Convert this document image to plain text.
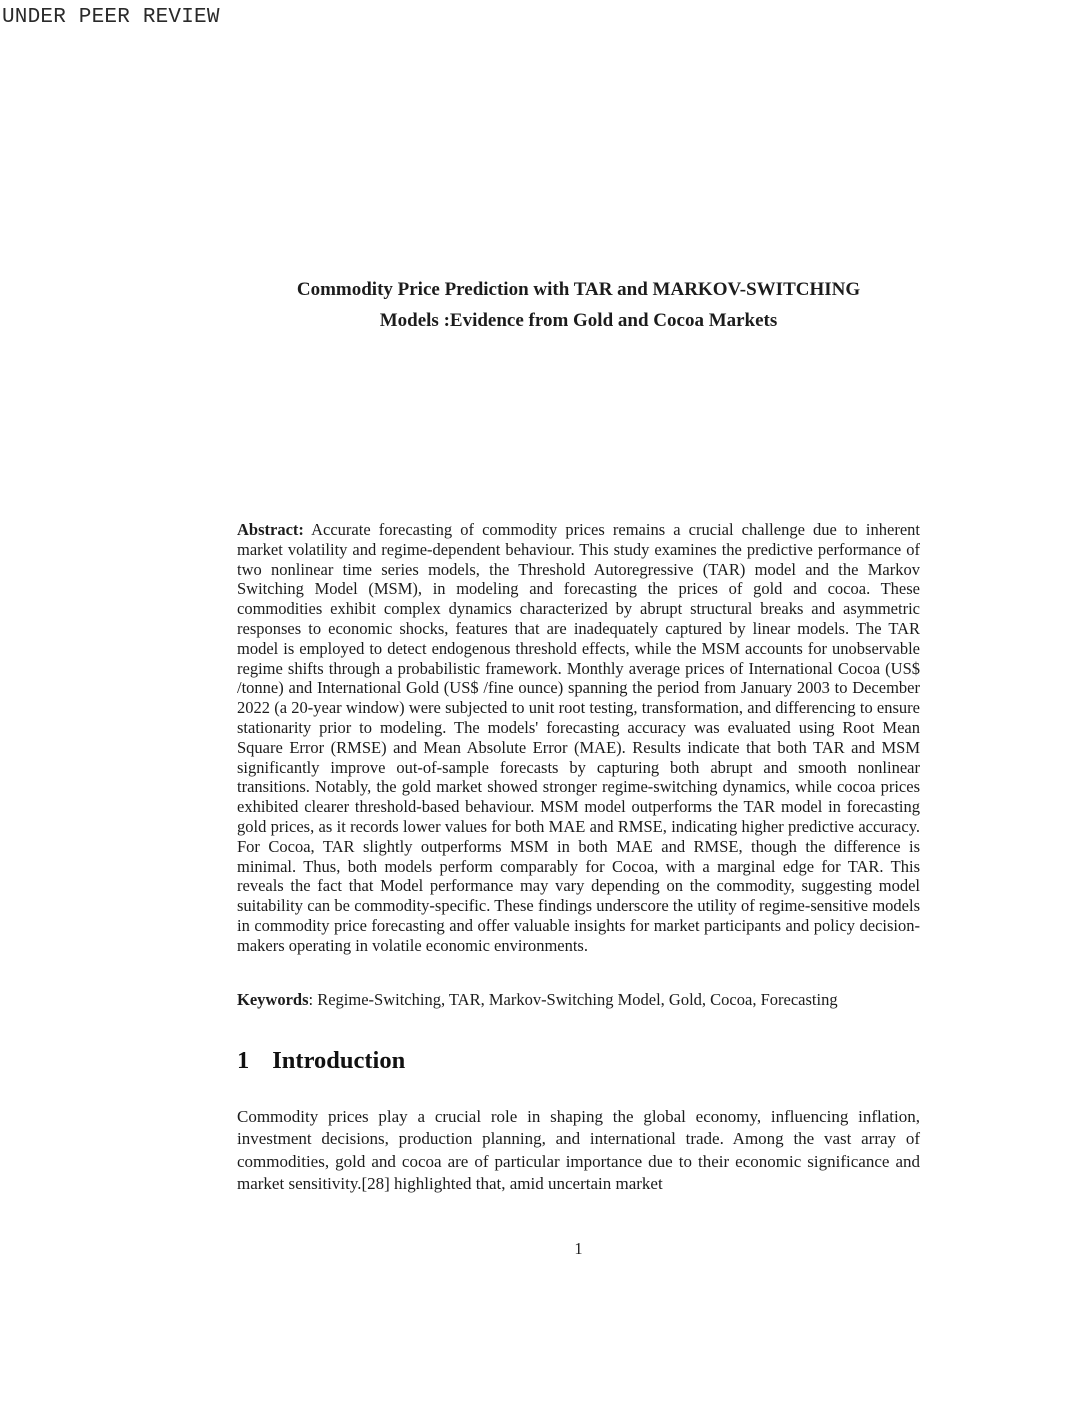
UNDER PEER REVIEW
Commodity Price Prediction with TAR and MARKOV-SWITCHING
Models :Evidence from Gold and Cocoa Markets

Abstract: Accurate forecasting of commodity prices remains a crucial challenge due to inherent market volatility and regime-dependent behaviour. This study examines the predictive performance of two nonlinear time series models, the Threshold Autoregressive (TAR) model and the Markov Switching Model (MSM), in modeling and forecasting the prices of gold and cocoa. These commodities exhibit complex dynamics characterized by abrupt structural breaks and asymmetric responses to economic shocks, features that are inadequately captured by linear models. The TAR model is employed to detect endogenous threshold effects, while the MSM accounts for unobservable regime shifts through a probabilistic framework. Monthly average prices of International Cocoa (US$ /tonne) and International Gold (US$ /fine ounce) spanning the period from January 2003 to December 2022 (a 20-year window) were subjected to unit root testing, transformation, and differencing to ensure stationarity prior to modeling. The models' forecasting accuracy was evaluated using Root Mean Square Error (RMSE) and Mean Absolute Error (MAE). Results indicate that both TAR and MSM significantly improve out-of-sample forecasts by capturing both abrupt and smooth nonlinear transitions. Notably, the gold market showed stronger regime-switching dynamics, while cocoa prices exhibited clearer threshold-based behaviour. MSM model outperforms the TAR model in forecasting gold prices, as it records lower values for both MAE and RMSE, indicating higher predictive accuracy. For Cocoa, TAR slightly outperforms MSM in both MAE and RMSE, though the difference is minimal. Thus, both models perform comparably for Cocoa, with a marginal edge for TAR. This reveals the fact that Model performance may vary depending on the commodity, suggesting model suitability can be commodity-specific. These findings underscore the utility of regime-sensitive models in commodity price forecasting and offer valuable insights for market participants and policy decision-makers operating in volatile economic environments.

Keywords: Regime-Switching, TAR, Markov-Switching Model, Gold, Cocoa, Forecasting

1 Introduction

Commodity prices play a crucial role in shaping the global economy, influencing inflation, investment decisions, production planning, and international trade. Among the vast array of commodities, gold and cocoa are of particular importance due to their economic significance and market sensitivity.[28] highlighted that, amid uncertain market

1
